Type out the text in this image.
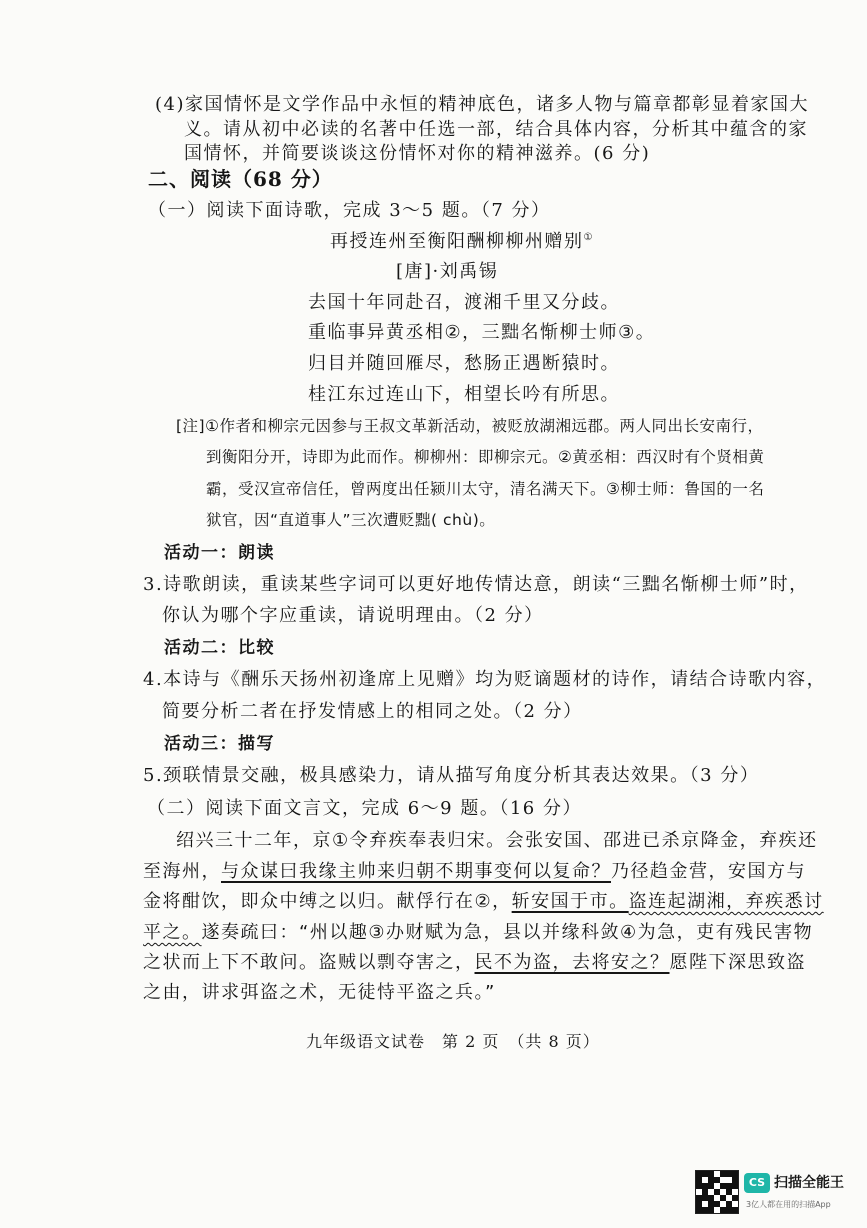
(4)家国情怀是文学作品中永恒的精神底色，诸多人物与篇章都彰显着家国大
义。请从初中必读的名著中任选一部，结合具体内容，分析其中蕴含的家
国情怀，并简要谈谈这份情怀对你的精神滋养。(6 分)
二、阅读（68 分）
（一）阅读下面诗歌，完成 3～5 题。（7 分）
再授连州至衡阳酬柳柳州赠别①
[唐]·刘禹锡
去国十年同赴召，渡湘千里又分歧。
重临事异黄丞相②，三黜名惭柳士师③。
归目并随回雁尽，愁肠正遇断猿时。
桂江东过连山下，相望长吟有所思。
[注]①作者和柳宗元因参与王叔文革新活动，被贬放湖湘远郡。两人同出长安南行，
到衡阳分开，诗即为此而作。柳柳州：即柳宗元。②黄丞相：西汉时有个贤相黄
霸，受汉宣帝信任，曾两度出任颍川太守，清名满天下。③柳士师：鲁国的一名
狱官，因“直道事人”三次遭贬黜( chù)。
活动一：朗读
3.诗歌朗读，重读某些字词可以更好地传情达意，朗读“三黜名惭柳士师”时，
你认为哪个字应重读，请说明理由。（2 分）
活动二：比较
4.本诗与《酬乐天扬州初逢席上见赠》均为贬谪题材的诗作，请结合诗歌内容，
简要分析二者在抒发情感上的相同之处。（2 分）
活动三：描写
5.颈联情景交融，极具感染力，请从描写角度分析其表达效果。（3 分）
（二）阅读下面文言文，完成 6～9 题。（16 分）
绍兴三十二年，京①令弃疾奉表归宋。会张安国、邵进已杀京降金，弃疾还
至海州，与众谋曰我缘主帅来归朝不期事变何以复命？乃径趋金营，安国方与
金将酣饮，即众中缚之以归。献俘行在②，斩安国于市。盗连起湖湘，弃疾悉讨
平之。遂奏疏曰：“州以趣③办财赋为急，县以并缘科敛④为急，吏有残民害物
之状而上下不敢问。盗贼以剽夺害之，民不为盗，去将安之？愿陛下深思致盗
之由，讲求弭盗之术，无徒恃平盗之兵。”
九年级语文试卷　第 2 页　（共 8 页）
CS 扫描全能王
3亿人都在用的扫描App
